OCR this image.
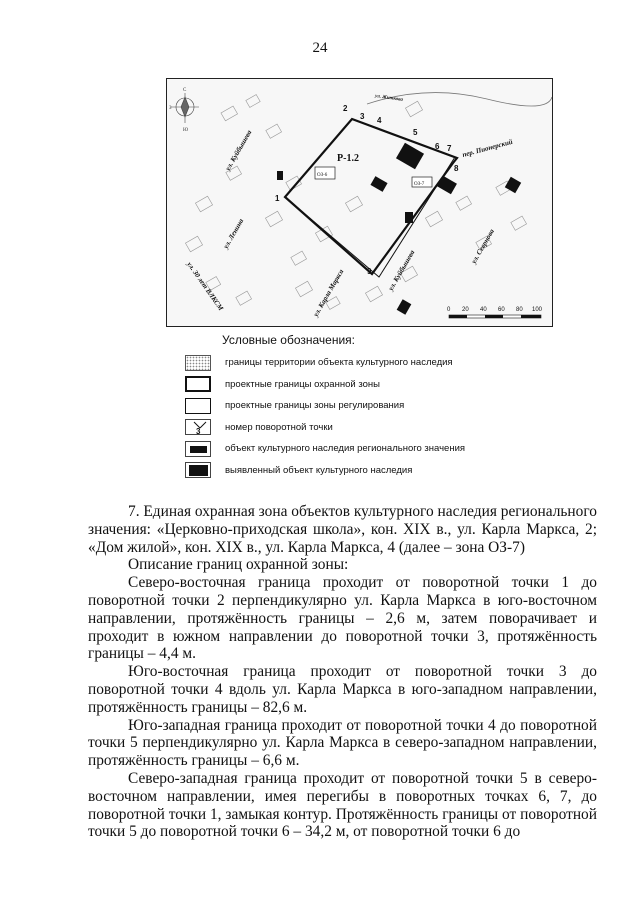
24
С
З
Ю
ОЗ-6
ОЗ-7
Р-1.2
1
2
3 4
5
6 7
8
9
ул. Куйбышева
ул. Ленина
ул. 30 лет ВЛКСМ	ул. Карла Маркса	ул. Куйбышева
ул. Севрнова
пер. Пионерский
ул. Житкова
0 20 40 60 80 100
Условные обозначения:
границы территории объекта культурного наследия
проектные границы охранной зоны
проектные границы зоны регулирования
3	номер поворотной точки
объект культурного наследия регионального значения
выявленный объект культурного наследия

7. Единая охранная зона объектов культурного наследия регионального значения: «Церковно-приходская школа», кон. XIX в., ул. Карла Маркса, 2; «Дом жилой», кон. XIX в., ул. Карла Маркса, 4 (далее – зона ОЗ-7)

Описание границ охранной зоны:

Северо-восточная граница проходит от поворотной точки 1 до поворотной точки 2 перпендикулярно ул. Карла Маркса в юго-восточном направлении, протяжённость границы – 2,6 м, затем поворачивает и проходит в южном направлении до поворотной точки 3, протяжённость границы – 4,4 м.

Юго-восточная граница проходит от поворотной точки 3 до поворотной точки 4 вдоль ул. Карла Маркса в юго-западном направлении, протяжённость границы – 82,6 м.

Юго-западная граница проходит от поворотной точки 4 до поворотной точки 5 перпендикулярно ул. Карла Маркса в северо-западном направлении, протяжённость границы – 6,6 м.

Северо-западная граница проходит от поворотной точки 5 в северо-восточном направлении, имея перегибы в поворотных точках 6, 7, до поворотной точки 1, замыкая контур. Протяжённость границы от поворотной точки 5 до поворотной точки 6 – 34,2 м, от поворотной точки 6 до
